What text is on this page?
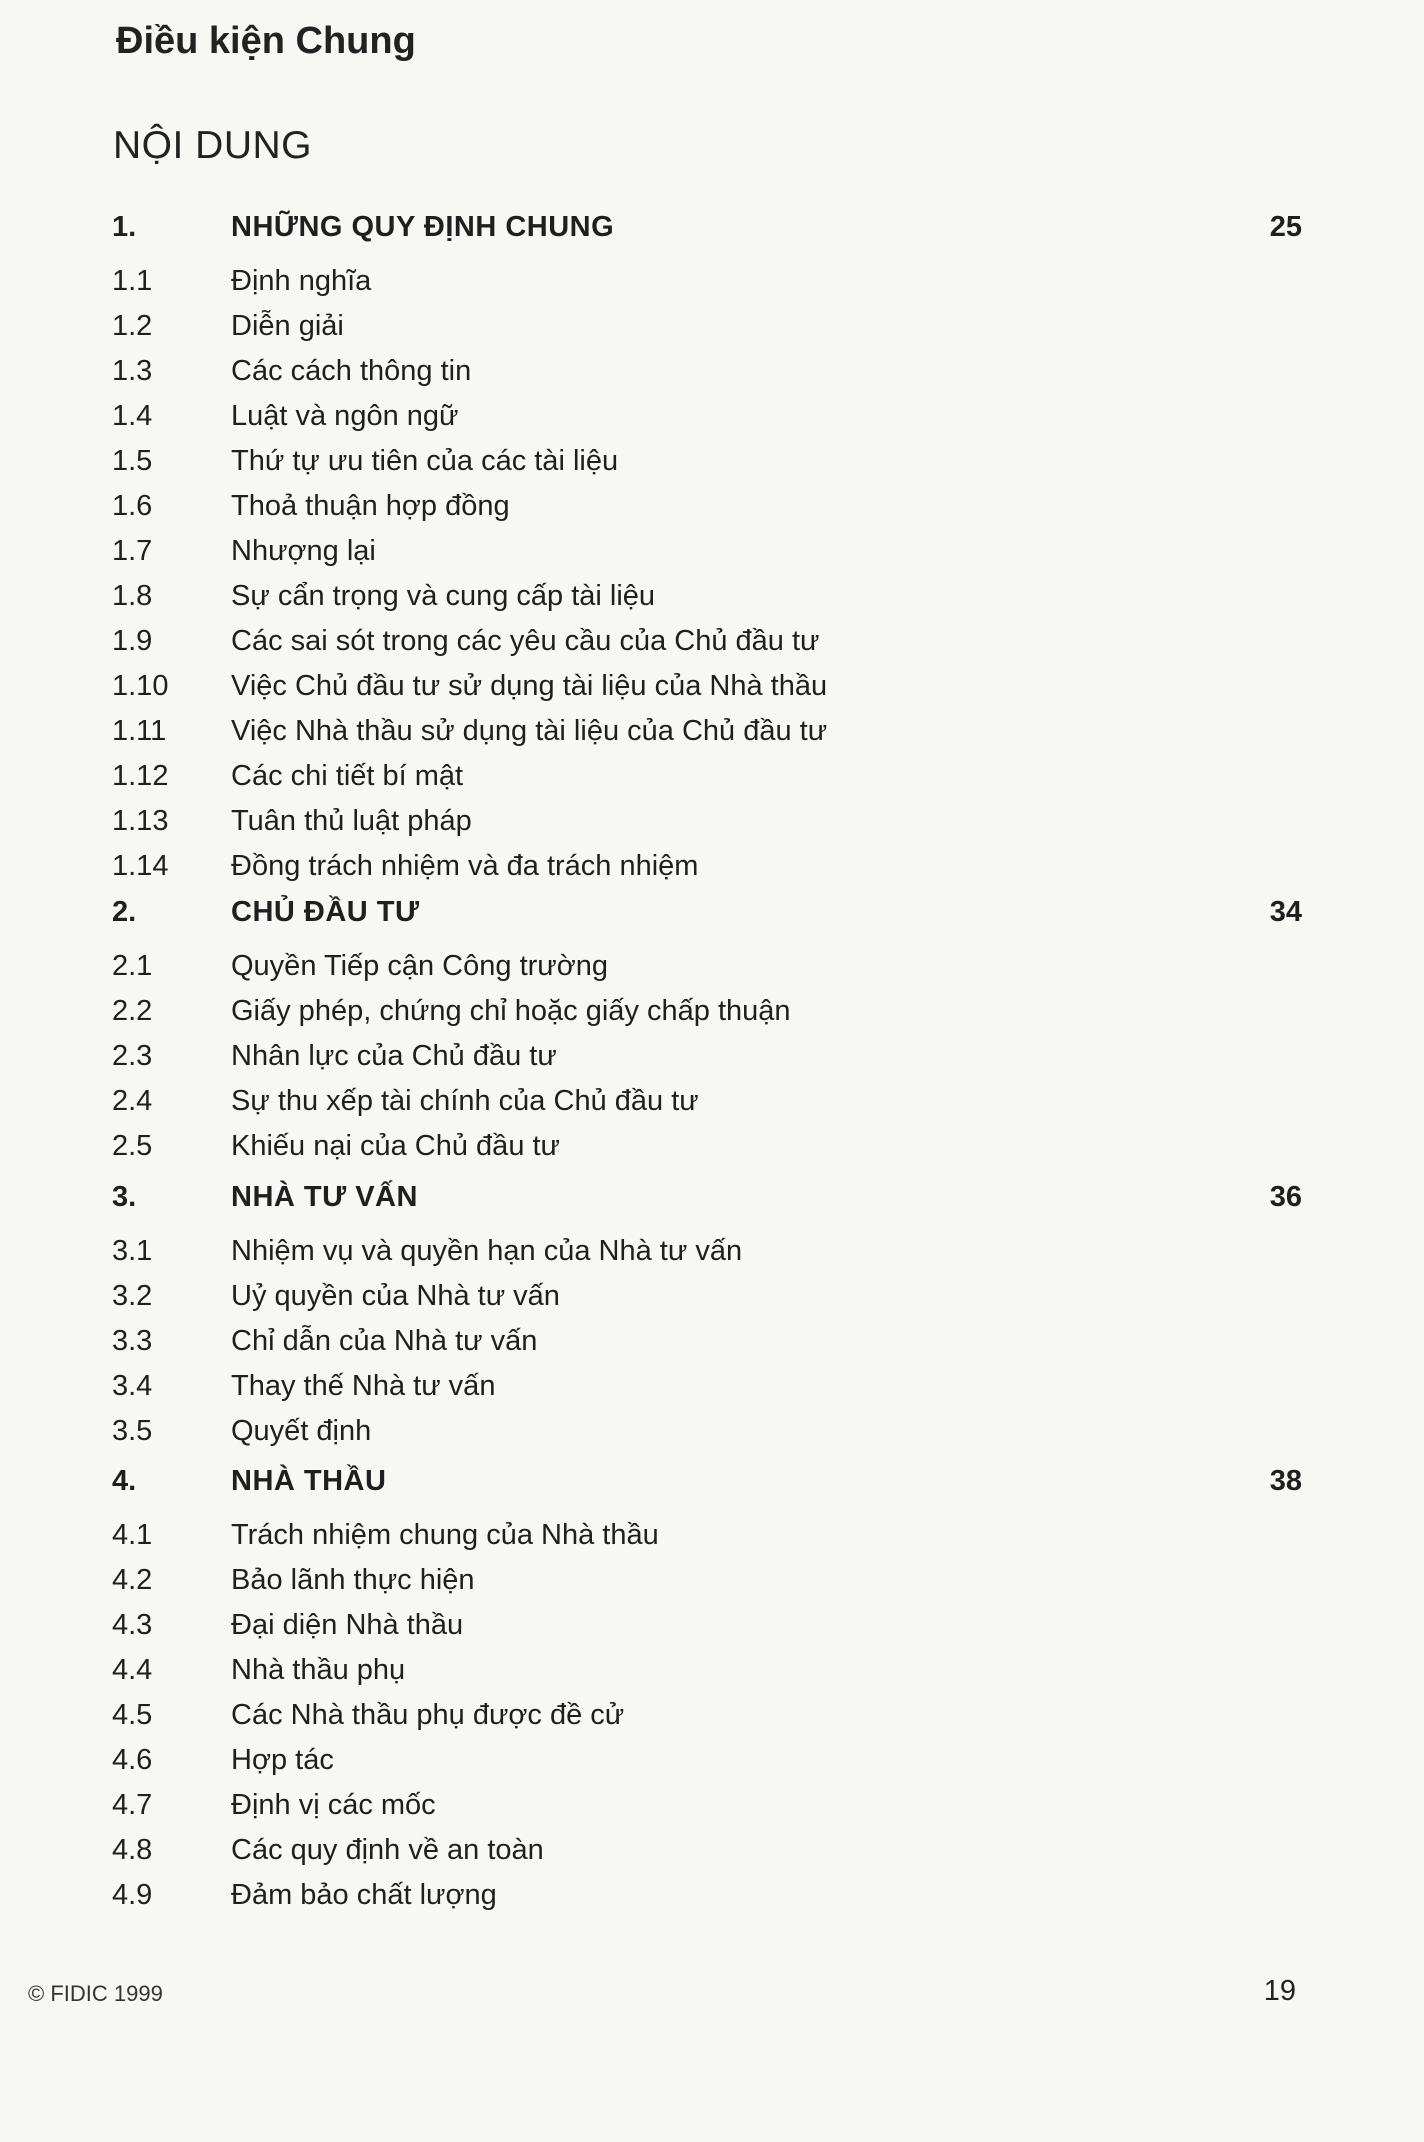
Điều kiện Chung
NỘI DUNG
1.	NHỮNG QUY ĐỊNH CHUNG	25
1.1	Định nghĩa
1.2	Diễn giải
1.3	Các cách thông tin
1.4	Luật và ngôn ngữ
1.5	Thứ tự ưu tiên của các tài liệu
1.6	Thoả thuận hợp đồng
1.7	Nhượng lại
1.8	Sự cẩn trọng và cung cấp tài liệu
1.9	Các sai sót trong các yêu cầu của Chủ đầu tư
1.10 Việc Chủ đầu tư sử dụng tài liệu của Nhà thầu
1.11 Việc Nhà thầu sử dụng tài liệu của Chủ đầu tư
1.12 Các chi tiết bí mật
1.13 Tuân thủ luật pháp
1.14 Đồng trách nhiệm và đa trách nhiệm
2.	CHỦ ĐẦU TƯ	34
2.1	Quyền Tiếp cận Công trường
2.2	Giấy phép, chứng chỉ hoặc giấy chấp thuận
2.3	Nhân lực của Chủ đầu tư
2.4	Sự thu xếp tài chính của Chủ đầu tư
2.5	Khiếu nại của Chủ đầu tư
3.	NHÀ TƯ VẤN	36
3.1	Nhiệm vụ và quyền hạn của Nhà tư vấn
3.2	Uỷ quyền của Nhà tư vấn
3.3	Chỉ dẫn của Nhà tư vấn
3.4	Thay thế Nhà tư vấn
3.5	Quyết định
4.	NHÀ THẦU	38
4.1	Trách nhiệm chung của Nhà thầu
4.2	Bảo lãnh thực hiện
4.3	Đại diện Nhà thầu
4.4	Nhà thầu phụ
4.5	Các Nhà thầu phụ được đề cử
4.6	Hợp tác
4.7	Định vị các mốc
4.8	Các quy định về an toàn
4.9	Đảm bảo chất lượng
© FIDIC 1999	19
